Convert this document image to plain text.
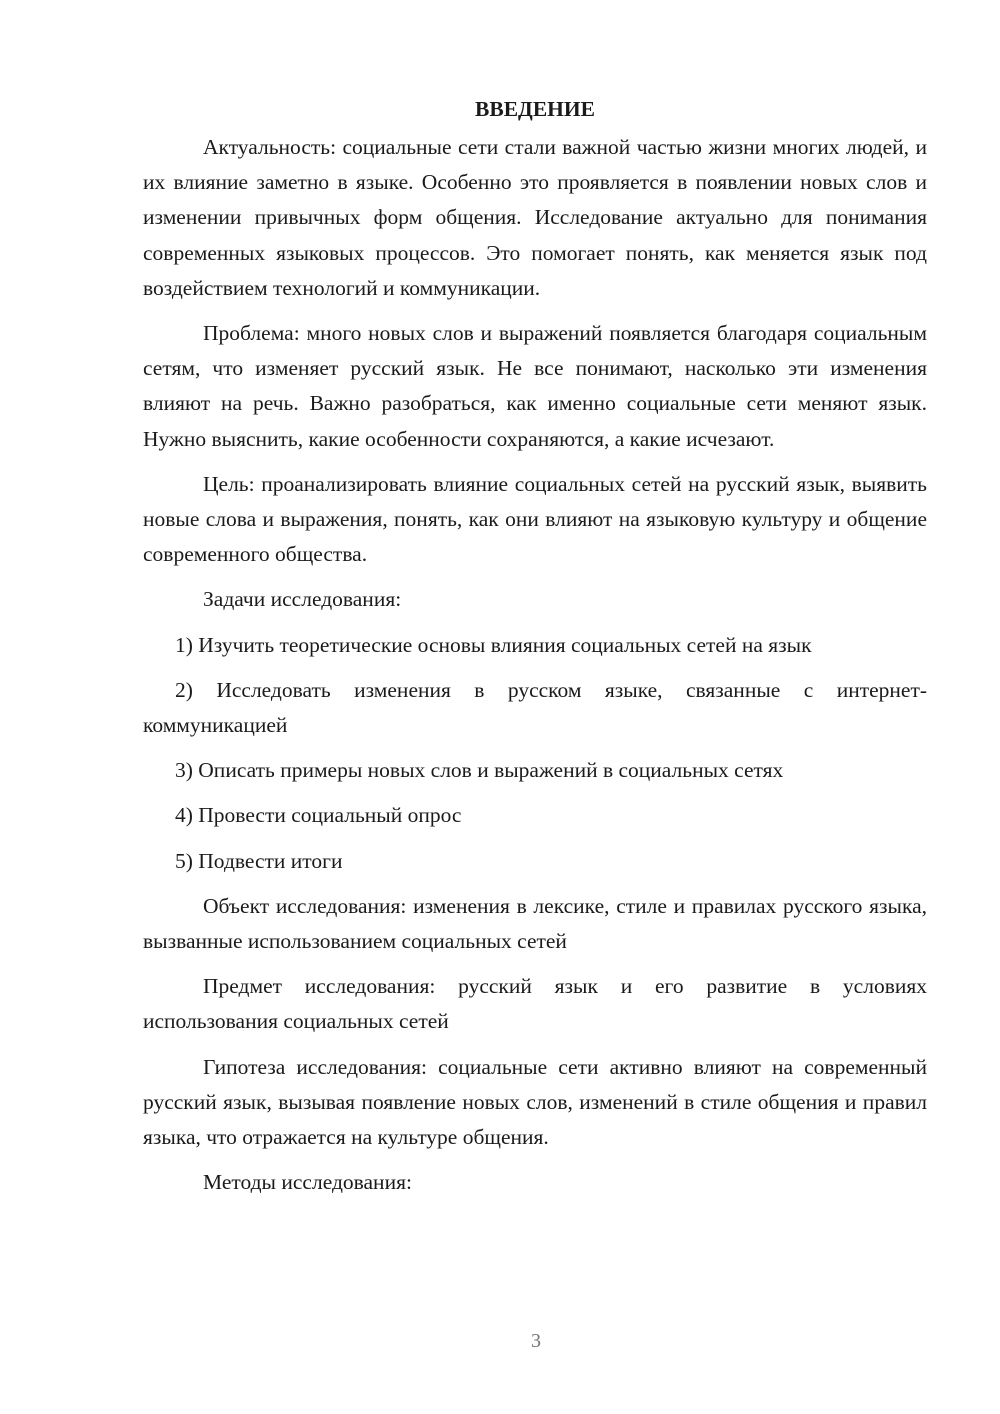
ВВЕДЕНИЕ

Актуальность: социальные сети стали важной частью жизни многих людей, и их влияние заметно в языке. Особенно это проявляется в появлении новых слов и изменении привычных форм общения. Исследование актуально для понимания современных языковых процессов. Это помогает понять, как меняется язык под воздействием технологий и коммуникации.

Проблема: много новых слов и выражений появляется благодаря социальным сетям, что изменяет русский язык. Не все понимают, насколько эти изменения влияют на речь. Важно разобраться, как именно социальные сети меняют язык. Нужно выяснить, какие особенности сохраняются, а какие исчезают.

Цель: проанализировать влияние социальных сетей на русский язык, выявить новые слова и выражения, понять, как они влияют на языковую культуру и общение современного общества.

Задачи исследования:

1) Изучить теоретические основы влияния социальных сетей на язык

2) Исследовать изменения в русском языке, связанные с интернет-коммуникацией

3) Описать примеры новых слов и выражений в социальных сетях

4) Провести социальный опрос

5) Подвести итоги

Объект исследования: изменения в лексике, стиле и правилах русского языка, вызванные использованием социальных сетей

Предмет исследования: русский язык и его развитие в условиях использования социальных сетей

Гипотеза исследования: социальные сети активно влияют на современный русский язык, вызывая появление новых слов, изменений в стиле общения и правил языка, что отражается на культуре общения.

Методы исследования:

3
